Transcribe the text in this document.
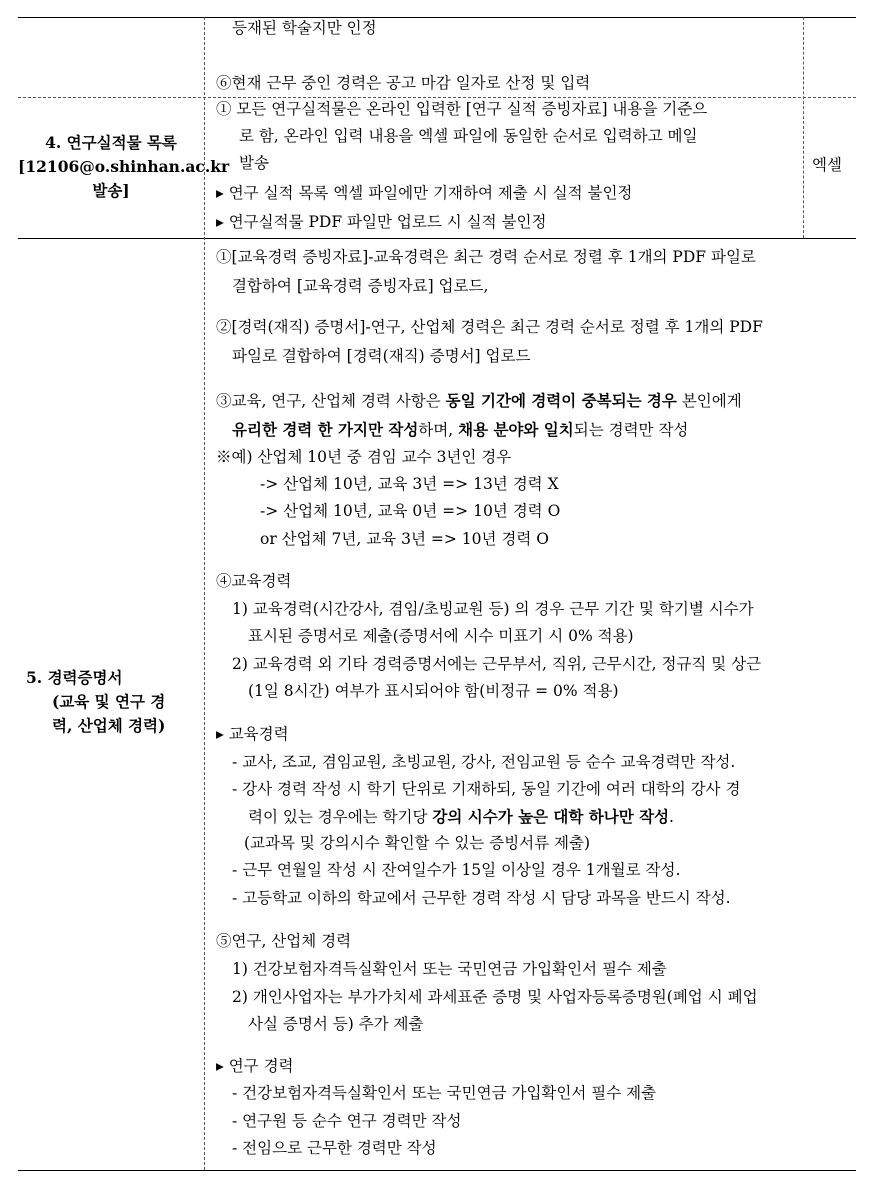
등재된 학술지만 인정
⑥현재 근무 중인 경력은 공고 마감 일자로 산정 및 입력
4. 연구실적물 목록
[12106@o.shinhan.ac.kr
발송]
① 모든 연구실적물은 온라인 입력한 [연구 실적 증빙자료] 내용을 기준으
로 함, 온라인 입력 내용을 엑셀 파일에 동일한 순서로 입력하고 메일
발송
▸ 연구 실적 목록 엑셀 파일에만 기재하여 제출 시 실적 불인정
▸ 연구실적물 PDF 파일만 업로드 시 실적 불인정
엑셀
5. 경력증명서
(교육 및 연구 경
력, 산업체 경력)
①[교육경력 증빙자료]-교육경력은 최근 경력 순서로 정렬 후 1개의 PDF 파일로
결합하여 [교육경력 증빙자료] 업로드,
②[경력(재직) 증명서]-연구, 산업체 경력은 최근 경력 순서로 정렬 후 1개의 PDF
파일로 결합하여 [경력(재직) 증명서] 업로드
③교육, 연구, 산업체 경력 사항은 동일 기간에 경력이 중복되는 경우 본인에게
유리한 경력 한 가지만 작성하며, 채용 분야와 일치되는 경력만 작성
※예) 산업체 10년 중 겸임 교수 3년인 경우
-> 산업체 10년, 교육 3년 => 13년 경력 X
-> 산업체 10년, 교육 0년 => 10년 경력 O
or 산업체 7년, 교육 3년 => 10년 경력 O
④교육경력
1) 교육경력(시간강사, 겸임/초빙교원 등) 의 경우 근무 기간 및 학기별 시수가
표시된 증명서로 제출(증명서에 시수 미표기 시 0% 적용)
2) 교육경력 외 기타 경력증명서에는 근무부서, 직위, 근무시간, 정규직 및 상근
(1일 8시간) 여부가 표시되어야 함(비정규 = 0% 적용)
▸ 교육경력
- 교사, 조교, 겸임교원, 초빙교원, 강사, 전임교원 등 순수 교육경력만 작성.
- 강사 경력 작성 시 학기 단위로 기재하되, 동일 기간에 여러 대학의 강사 경
력이 있는 경우에는 학기당 강의 시수가 높은 대학 하나만 작성.
(교과목 및 강의시수 확인할 수 있는 증빙서류 제출)
- 근무 연월일 작성 시 잔여일수가 15일 이상일 경우 1개월로 작성.
- 고등학교 이하의 학교에서 근무한 경력 작성 시 담당 과목을 반드시 작성.
⑤연구, 산업체 경력
1) 건강보험자격득실확인서 또는 국민연금 가입확인서 필수 제출
2) 개인사업자는 부가가치세 과세표준 증명 및 사업자등록증명원(폐업 시 폐업
사실 증명서 등) 추가 제출
▸ 연구 경력
- 건강보험자격득실확인서 또는 국민연금 가입확인서 필수 제출
- 연구원 등 순수 연구 경력만 작성
- 전임으로 근무한 경력만 작성
